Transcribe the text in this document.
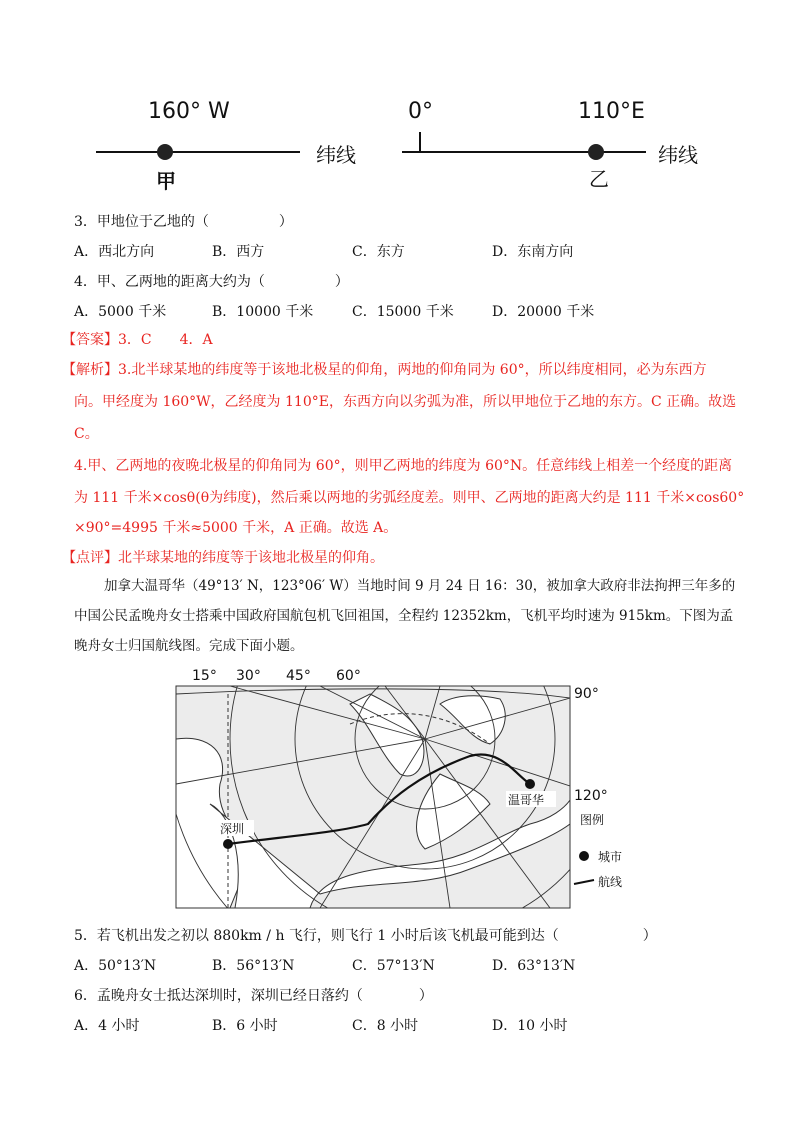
160° W
甲
纬线
0°	110°E
乙
纬线
3．甲地位于乙地的（　　　　　）
A．西北方向	B．西方	C．东方	D．东南方向
4．甲、乙两地的距离大约为（　　　　　）
A．5000 千米	B．10000 千米	C．15000 千米	D．20000 千米
【答案】3．C　　4．A
【解析】3.北半球某地的纬度等于该地北极星的仰角，两地的仰角同为 60°，所以纬度相同，必为东西方
向。甲经度为 160°W，乙经度为 110°E，东西方向以劣弧为准，所以甲地位于乙地的东方。C 正确。故选
C。
4.甲、乙两地的夜晚北极星的仰角同为 60°，则甲乙两地的纬度为 60°N。任意纬线上相差一个经度的距离
为 111 千米×cosθ(θ为纬度)，然后乘以两地的劣弧经度差。则甲、乙两地的距离大约是 111 千米×cos60°
×90°=4995 千米≈5000 千米，A 正确。故选 A。
【点评】北半球某地的纬度等于该地北极星的仰角。
加拿大温哥华（49°13′ N，123°06′ W）当地时间 9 月 24 日 16：30，被加拿大政府非法拘押三年多的
中国公民孟晚舟女士搭乘中国政府国航包机飞回祖国，全程约 12352km，飞机平均时速为 915km。下图为孟
晚舟女士归国航线图。完成下面小题。
深圳
温哥华
15° 30° 45° 60°
90°
120°
图例
城市
航线
5．若飞机出发之初以 880km / h 飞行，则飞行 1 小时后该飞机最可能到达（　　　　　　）
A．50°13′N	B．56°13′N	C．57°13′N	D．63°13′N
6．孟晚舟女士抵达深圳时，深圳已经日落约（　　　　）
A．4 小时	B．6 小时	C．8 小时	D．10 小时
